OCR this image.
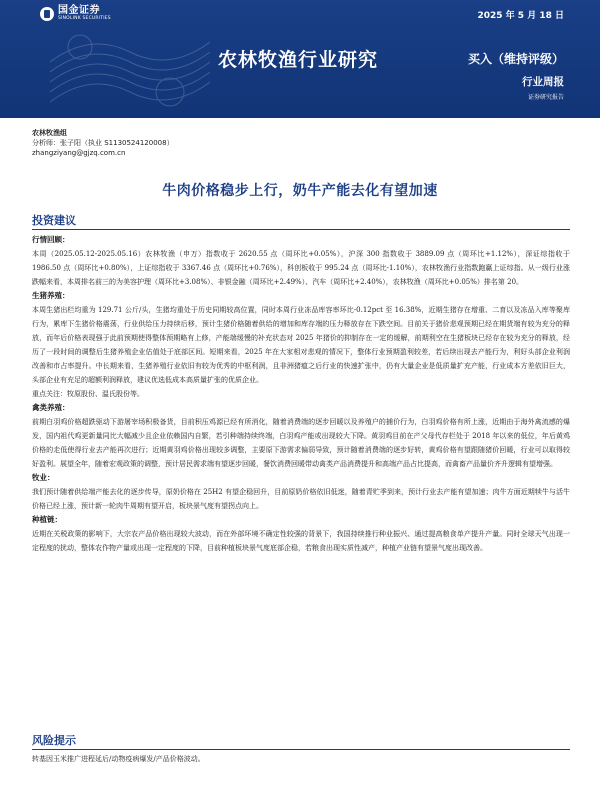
国金证券
SINOLINK SECURITIES	2025 年 5 月 18 日
农林牧渔行业研究	买入（维持评级）
行业周报
证券研究报告
农林牧渔组
分析师：张子阳（执业 S1130524120008）
zhangziyang@gjzq.com.cn
牛肉价格稳步上行，奶牛产能去化有望加速
投资建议
行情回顾：
本周（2025.05.12-2025.05.16）农林牧渔（申万）指数收于 2620.55 点（周环比+0.05%），沪深 300 指数收于 3889.09 点（周环比+1.12%），深证综指收于 1986.50 点（周环比+0.80%），上证综指收于 3367.46 点（周环比+0.76%），科创板收于 995.24 点（周环比-1.10%），农林牧渔行业指数跑赢上证综指。从一级行业涨跌幅来看，本周排名前三的为美容护理（周环比+3.08%）、非银金融（周环比+2.49%）、汽车（周环比+2.40%），农林牧渔（周环比+0.05%）排名第 20。
生猪养殖：
本周生猪出栏均重为 129.71 公斤/头，生猪均重处于历史同期较高位置，同时本周行业冻品库容率环比-0.12pct 至 16.38%，近期生猪存在增重、二育以及冻品入库等聚库行为，累库下生猪价格震荡，行业供给压力持续后移，预计生猪价格随着供给的增加和库存端的压力释放存在下跌空间。目前关于猪价悲观预期已经在期货端有较为充分的释放，而年后价格表现强于此前预期使得整体预期略有上修，产能端缓慢的补充状态对 2025 年猪价的抑制存在一定的缓解，前期利空在生猪板块已经存在较为充分的释放，经历了一段时间的调整后生猪养殖企业估值处于底部区间。短期来看，2025 年在大家相对悲观的情况下，整体行业预期盈利较差，若后续出现去产能行为，利好头部企业利润改善和市占率提升。中长期来看，生猪养殖行业依旧有较为优秀的中枢利润，且非洲猪瘟之后行业的快速扩张中，仍有大量企业是低质量扩充产能，行业成本方差依旧巨大，头部企业有充足的超额利润释放，建议优选低成本高质量扩张的优质企业。
重点关注：牧原股份、温氏股份等。
禽类养殖：
前期白羽鸡价格超跌驱动下游屠宰场积极备货，目前积压鸡源已经有所消化，随着消费端的逐步回暖以及养殖户的捕价行为，白羽鸡价格有所上涨，近期由于海外禽流感的爆发，国内祖代鸡更新量同比大幅减少且企业依赖国内自繁，若引种端持续终端，白羽鸡产能或出现较大下降。黄羽鸡目前在产父母代存栏处于 2018 年以来的低位，年后黄鸡价格的走低使得行业去产能再次进行；近期黄羽鸡价格出现较多调整，主要原下游需求偏弱导致，预计随着消费端的逐步好转，黄鸡价格有望跟随猪价回暖，行业可以取得较好盈利。展望全年，随着宏观政策的调整，预计居民需求端有望逐步回暖，餐饮消费回暖带动禽类产品消费提升和高端产品占比提高，而禽畜产品量价齐升逻辑有望增强。
牧业：
我们预计随着供给端产能去化的逐步传导，原奶价格在 25H2 有望企稳回升，目前原奶价格依旧低迷，随着青贮季到来，预计行业去产能有望加速；肉牛方面近期犊牛与活牛价格已经上涨，预计新一轮肉牛周期有望开启，板块景气度有望拐点向上。
种植链：
近期在关税政策的影响下，大宗农产品价格出现较大波动，而在外部环境不确定性较强的背景下，我国持续推行种业振兴、通过提高粮食单产提升产量。同时全球天气出现一定程度的扰动，整体农作物产量或出现一定程度的下降，目前种植板块景气度底部企稳，若粮食出现实质性减产，种植产业链有望景气度出现改善。
风险提示
转基因玉米推广进程延后/动物疫病爆发/产品价格波动。
